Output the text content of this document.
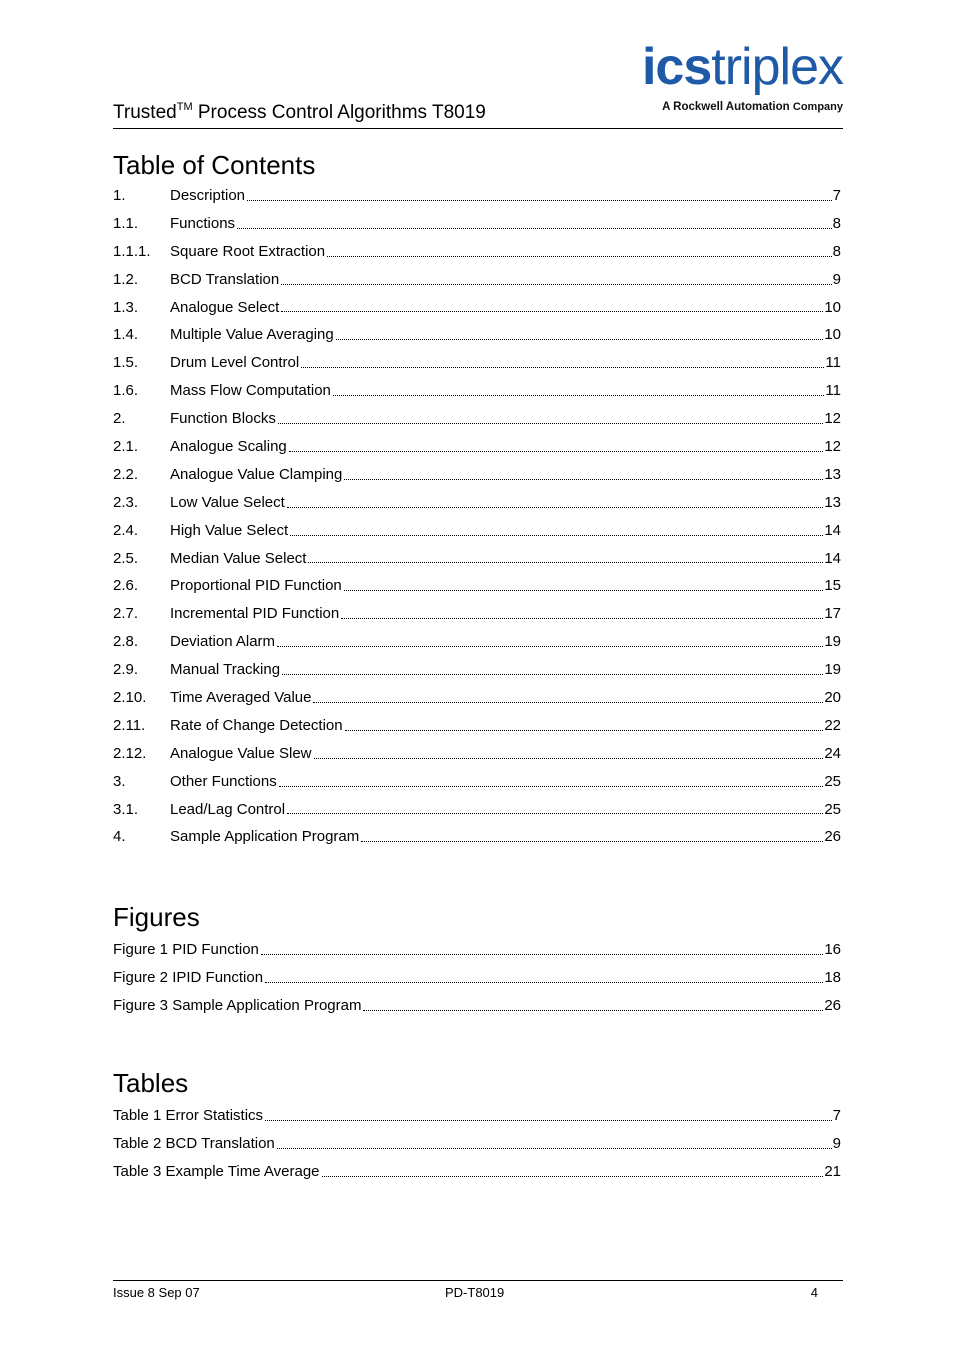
Trusted™ Process Control Algorithms T8019
icstriplex
A Rockwell Automation Company
Table of Contents
1.	Description	7
1.1.	Functions	8
1.1.1.	Square Root Extraction	8
1.2.	BCD Translation	9
1.3.	Analogue Select	10
1.4.	Multiple Value Averaging	10
1.5.	Drum Level Control	11
1.6.	Mass Flow Computation	11
2.	Function Blocks	12
2.1.	Analogue Scaling	12
2.2.	Analogue Value Clamping	13
2.3.	Low Value Select	13
2.4.	High Value Select	14
2.5.	Median Value Select	14
2.6.	Proportional PID Function	15
2.7.	Incremental PID Function	17
2.8.	Deviation Alarm	19
2.9.	Manual Tracking	19
2.10.	Time Averaged Value	20
2.11.	Rate of Change Detection	22
2.12.	Analogue Value Slew	24
3.	Other Functions	25
3.1.	Lead/Lag Control	25
4.	Sample Application Program	26
Figures
Figure 1 PID Function	16
Figure 2 IPID Function	18
Figure 3 Sample Application Program	26
Tables
Table 1 Error Statistics	7
Table 2 BCD Translation	9
Table 3 Example Time Average	21
Issue 8 Sep 07	PD-T8019	4
